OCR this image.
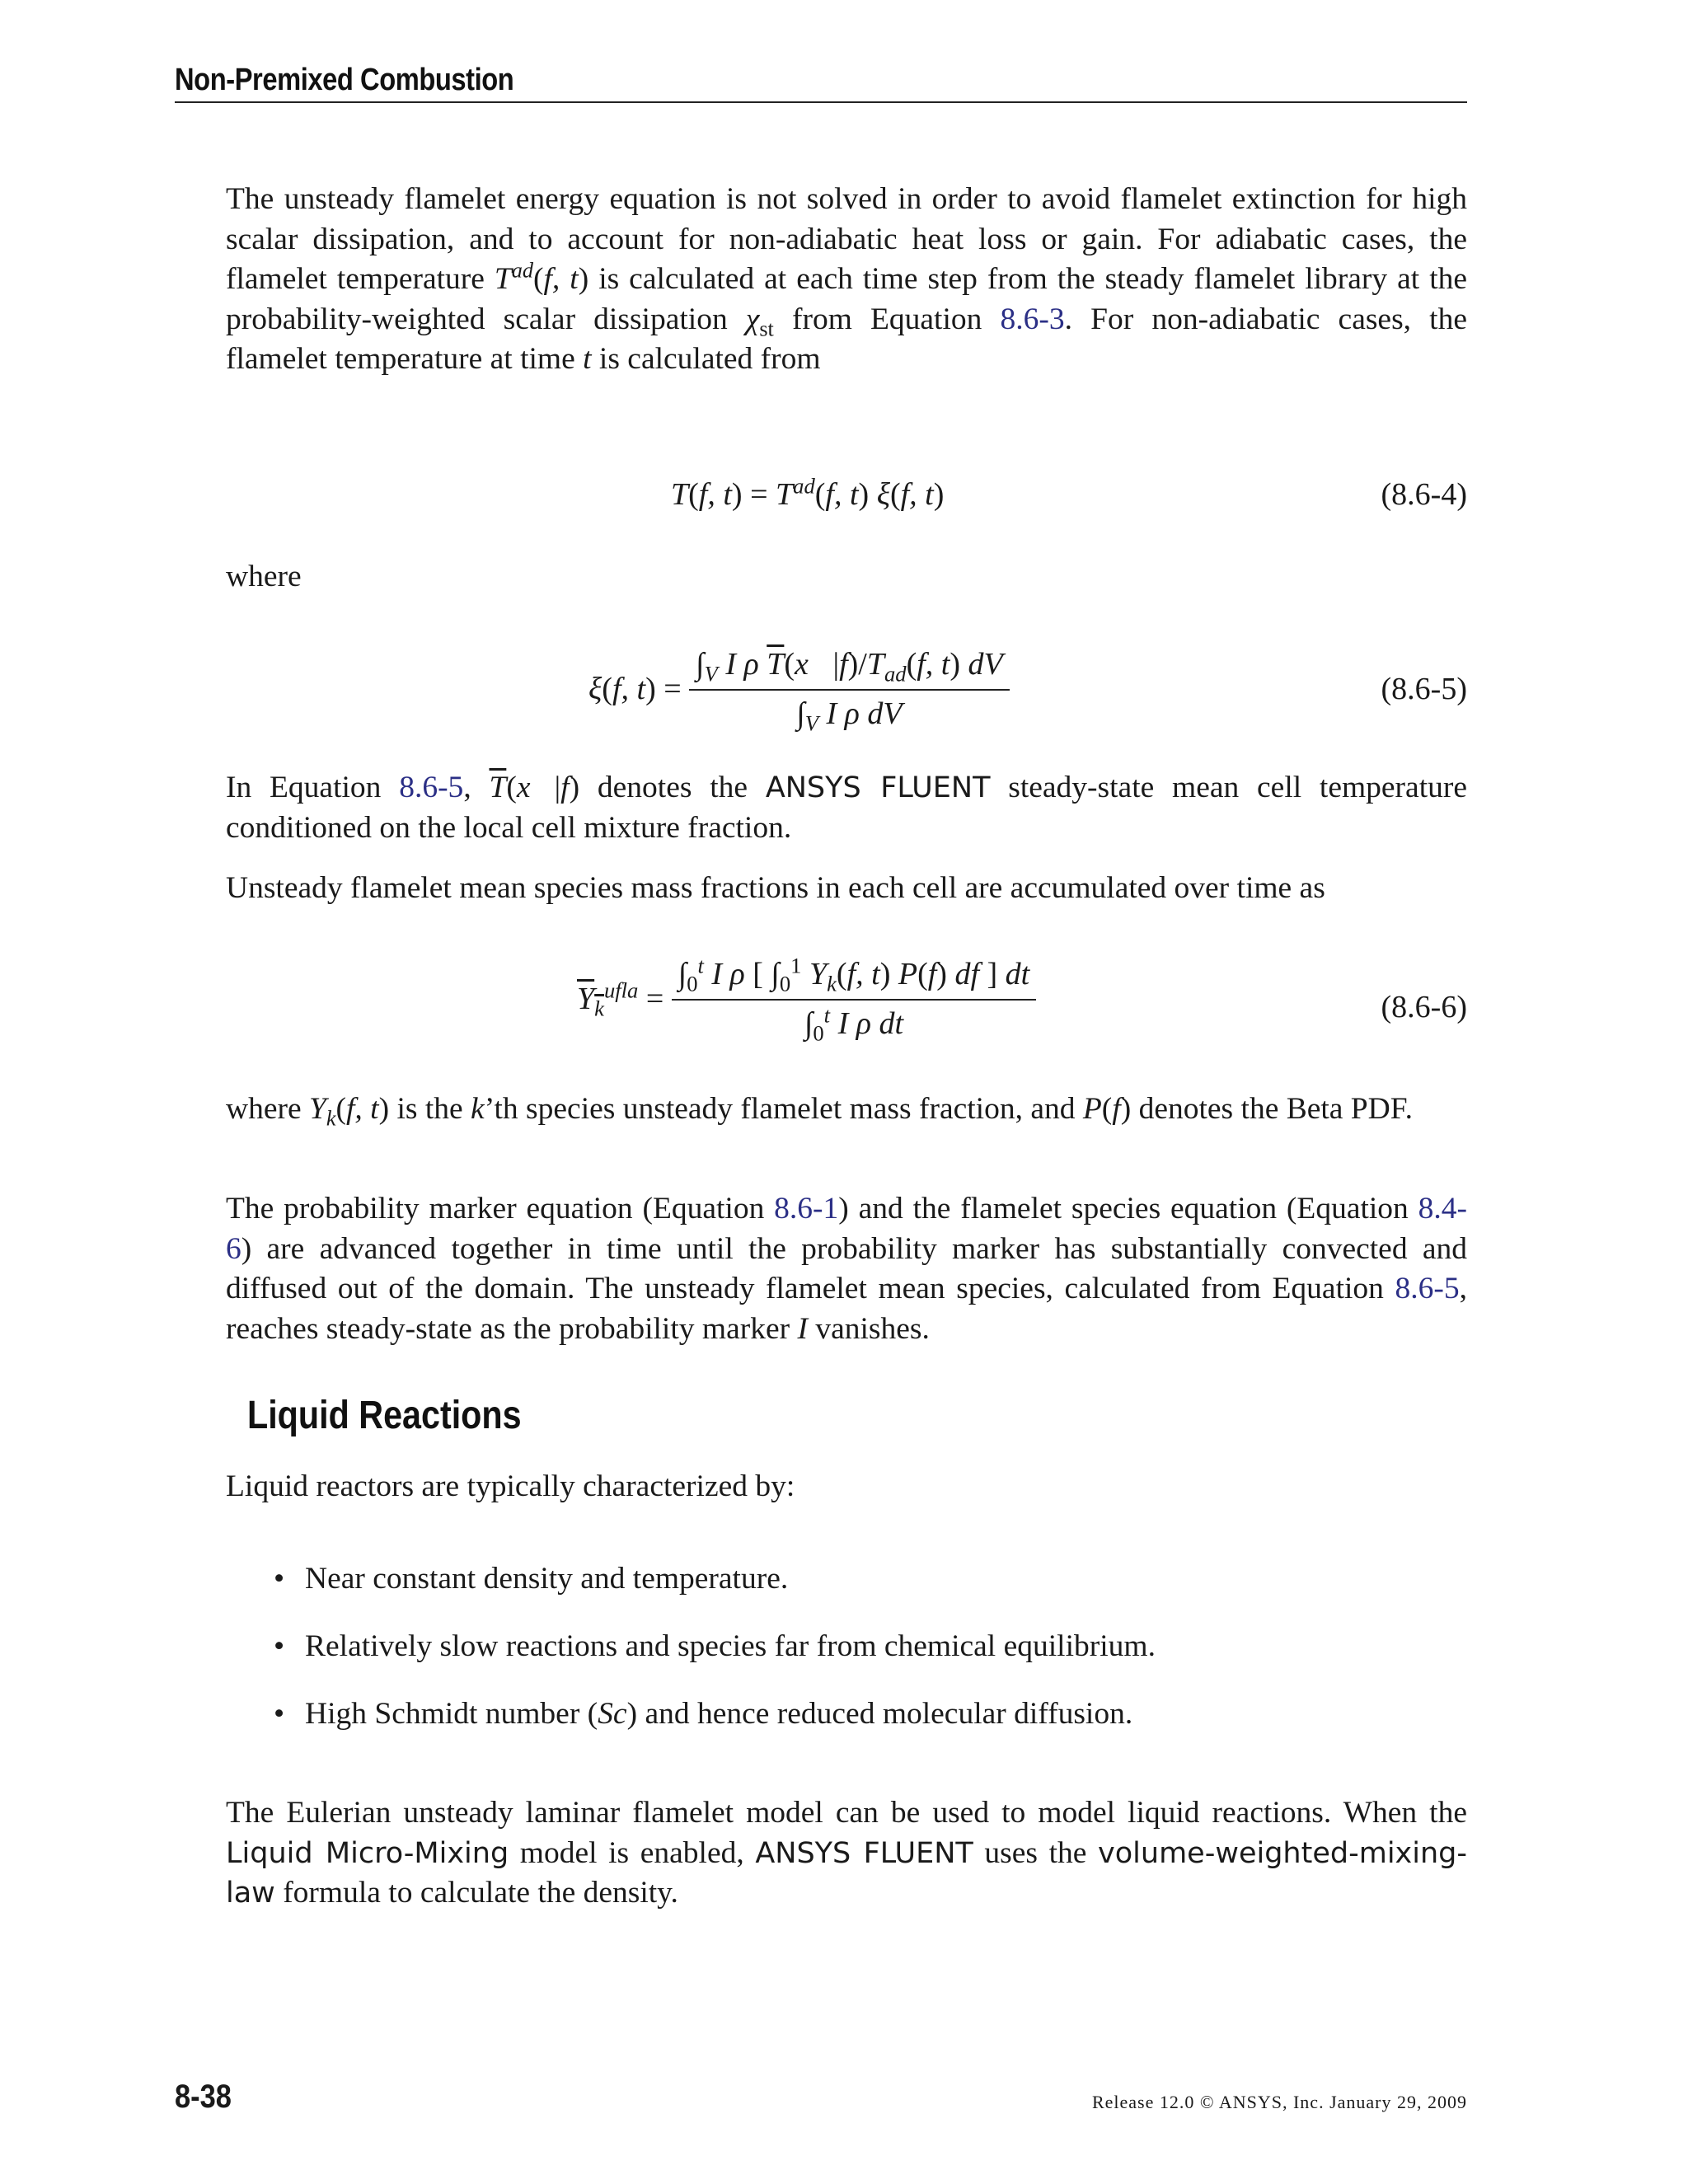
Non-Premixed Combustion
The unsteady flamelet energy equation is not solved in order to avoid flamelet extinction for high scalar dissipation, and to account for non-adiabatic heat loss or gain. For adiabatic cases, the flamelet temperature $T^{ad}(f$, t) is calculated at each time step from the steady flamelet library at the probability-weighted scalar dissipation $\chi_{st}$ from Equation 8.6-3. For non-adiabatic cases, the flamelet temperature at time t is calculated from
T(f, $t) = T^{ad}(f$, t) ξ(f, t)	(8.6-4)
where
ξ(f, $t) = \frac{\int_V I \rho \overline{T}(x⃗|f)/T_{ad}(f, t) dV}{\int_V I \rho dV}$	(8.6-5)
In Equation 8.6-5, $\overline{T}(x⃗|f)$ denotes the ANSYS FLUENT steady-state mean cell temperature conditioned on the local cell mixture fraction.
Unsteady flamelet mean species mass fractions in each cell are accumulated over time as
$Y_k^{ufla} = \frac{\int_0^t I \rho [ \int_0^1 Y_k(f, t) P(f) df ] dt}{\int_0^t I \rho dt}$	(8.6-6)
where $Y_k(f$, t) is the k’th species unsteady flamelet mass fraction, and P(f) denotes the Beta PDF.
The probability marker equation (Equation 8.6-1) and the flamelet species equation (Equation 8.4-6) are advanced together in time until the probability marker has substantially convected and diffused out of the domain. The unsteady flamelet mean species, calculated from Equation 8.6-5, reaches steady-state as the probability marker I vanishes.
Liquid Reactions
Liquid reactors are typically characterized by:
• Near constant density and temperature.
• Relatively slow reactions and species far from chemical equilibrium.
• High Schmidt number (Sc) and hence reduced molecular diffusion.
The Eulerian unsteady laminar flamelet model can be used to model liquid reactions. When the Liquid Micro-Mixing model is enabled, ANSYS FLUENT uses the volume-weighted-mixing-law formula to calculate the density.
8-38	Release 12.0 © ANSYS, Inc. January 29, 2009
